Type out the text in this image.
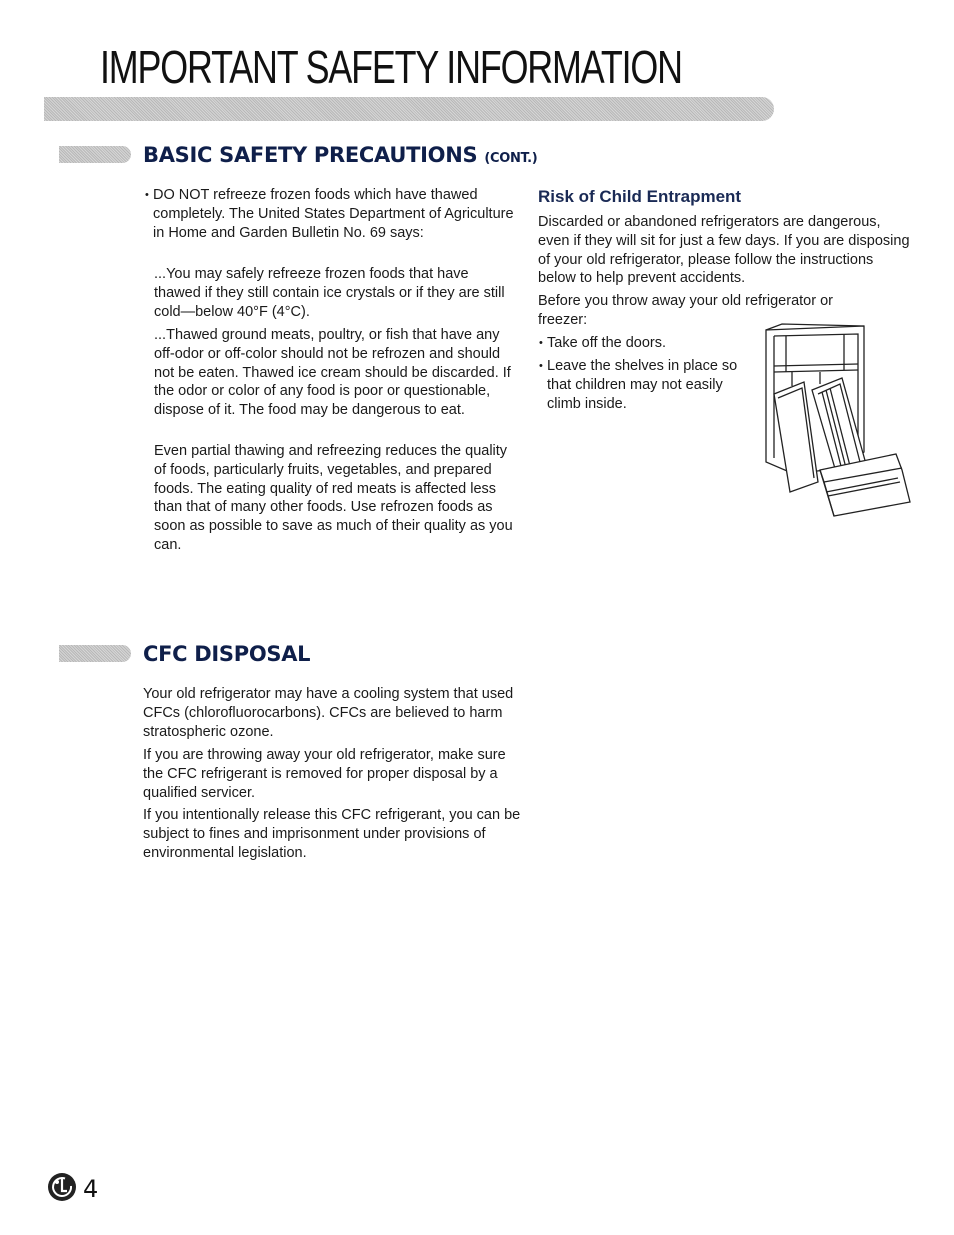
IMPORTANT SAFETY INFORMATION
BASIC SAFETY PRECAUTIONS (CONT.)

• DO NOT refreeze frozen foods which have thawed completely. The United States Department of Agriculture in Home and Garden Bulletin No. 69 says:

...You may safely refreeze frozen foods that have thawed if they still contain ice crystals or if they are still cold—below 40°F (4°C).

...Thawed ground meats, poultry, or fish that have any off-odor or off-color should not be refrozen and should not be eaten. Thawed ice cream should be discarded. If the odor or color of any food is poor or questionable, dispose of it. The food may be dangerous to eat.

Even partial thawing and refreezing reduces the quality of foods, particularly fruits, vegetables, and prepared foods. The eating quality of red meats is affected less than that of many other foods. Use refrozen foods as soon as possible to save as much of their quality as you can.

Risk of Child Entrapment

Discarded or abandoned refrigerators are dangerous, even if they will sit for just a few days. If you are disposing of your old refrigerator, please follow the instructions below to help prevent accidents.

Before you throw away your old refrigerator or freezer:

• Take off the doors.

• Leave the shelves in place so that children may not easily climb inside.

CFC DISPOSAL

Your old refrigerator may have a cooling system that used CFCs (chlorofluorocarbons). CFCs are believed to harm stratospheric ozone.

If you are throwing away your old refrigerator, make sure the CFC refrigerant is removed for proper disposal by a qualified servicer.

If you intentionally release this CFC refrigerant, you can be subject to fines and imprisonment under provisions of environmental legislation.

4
